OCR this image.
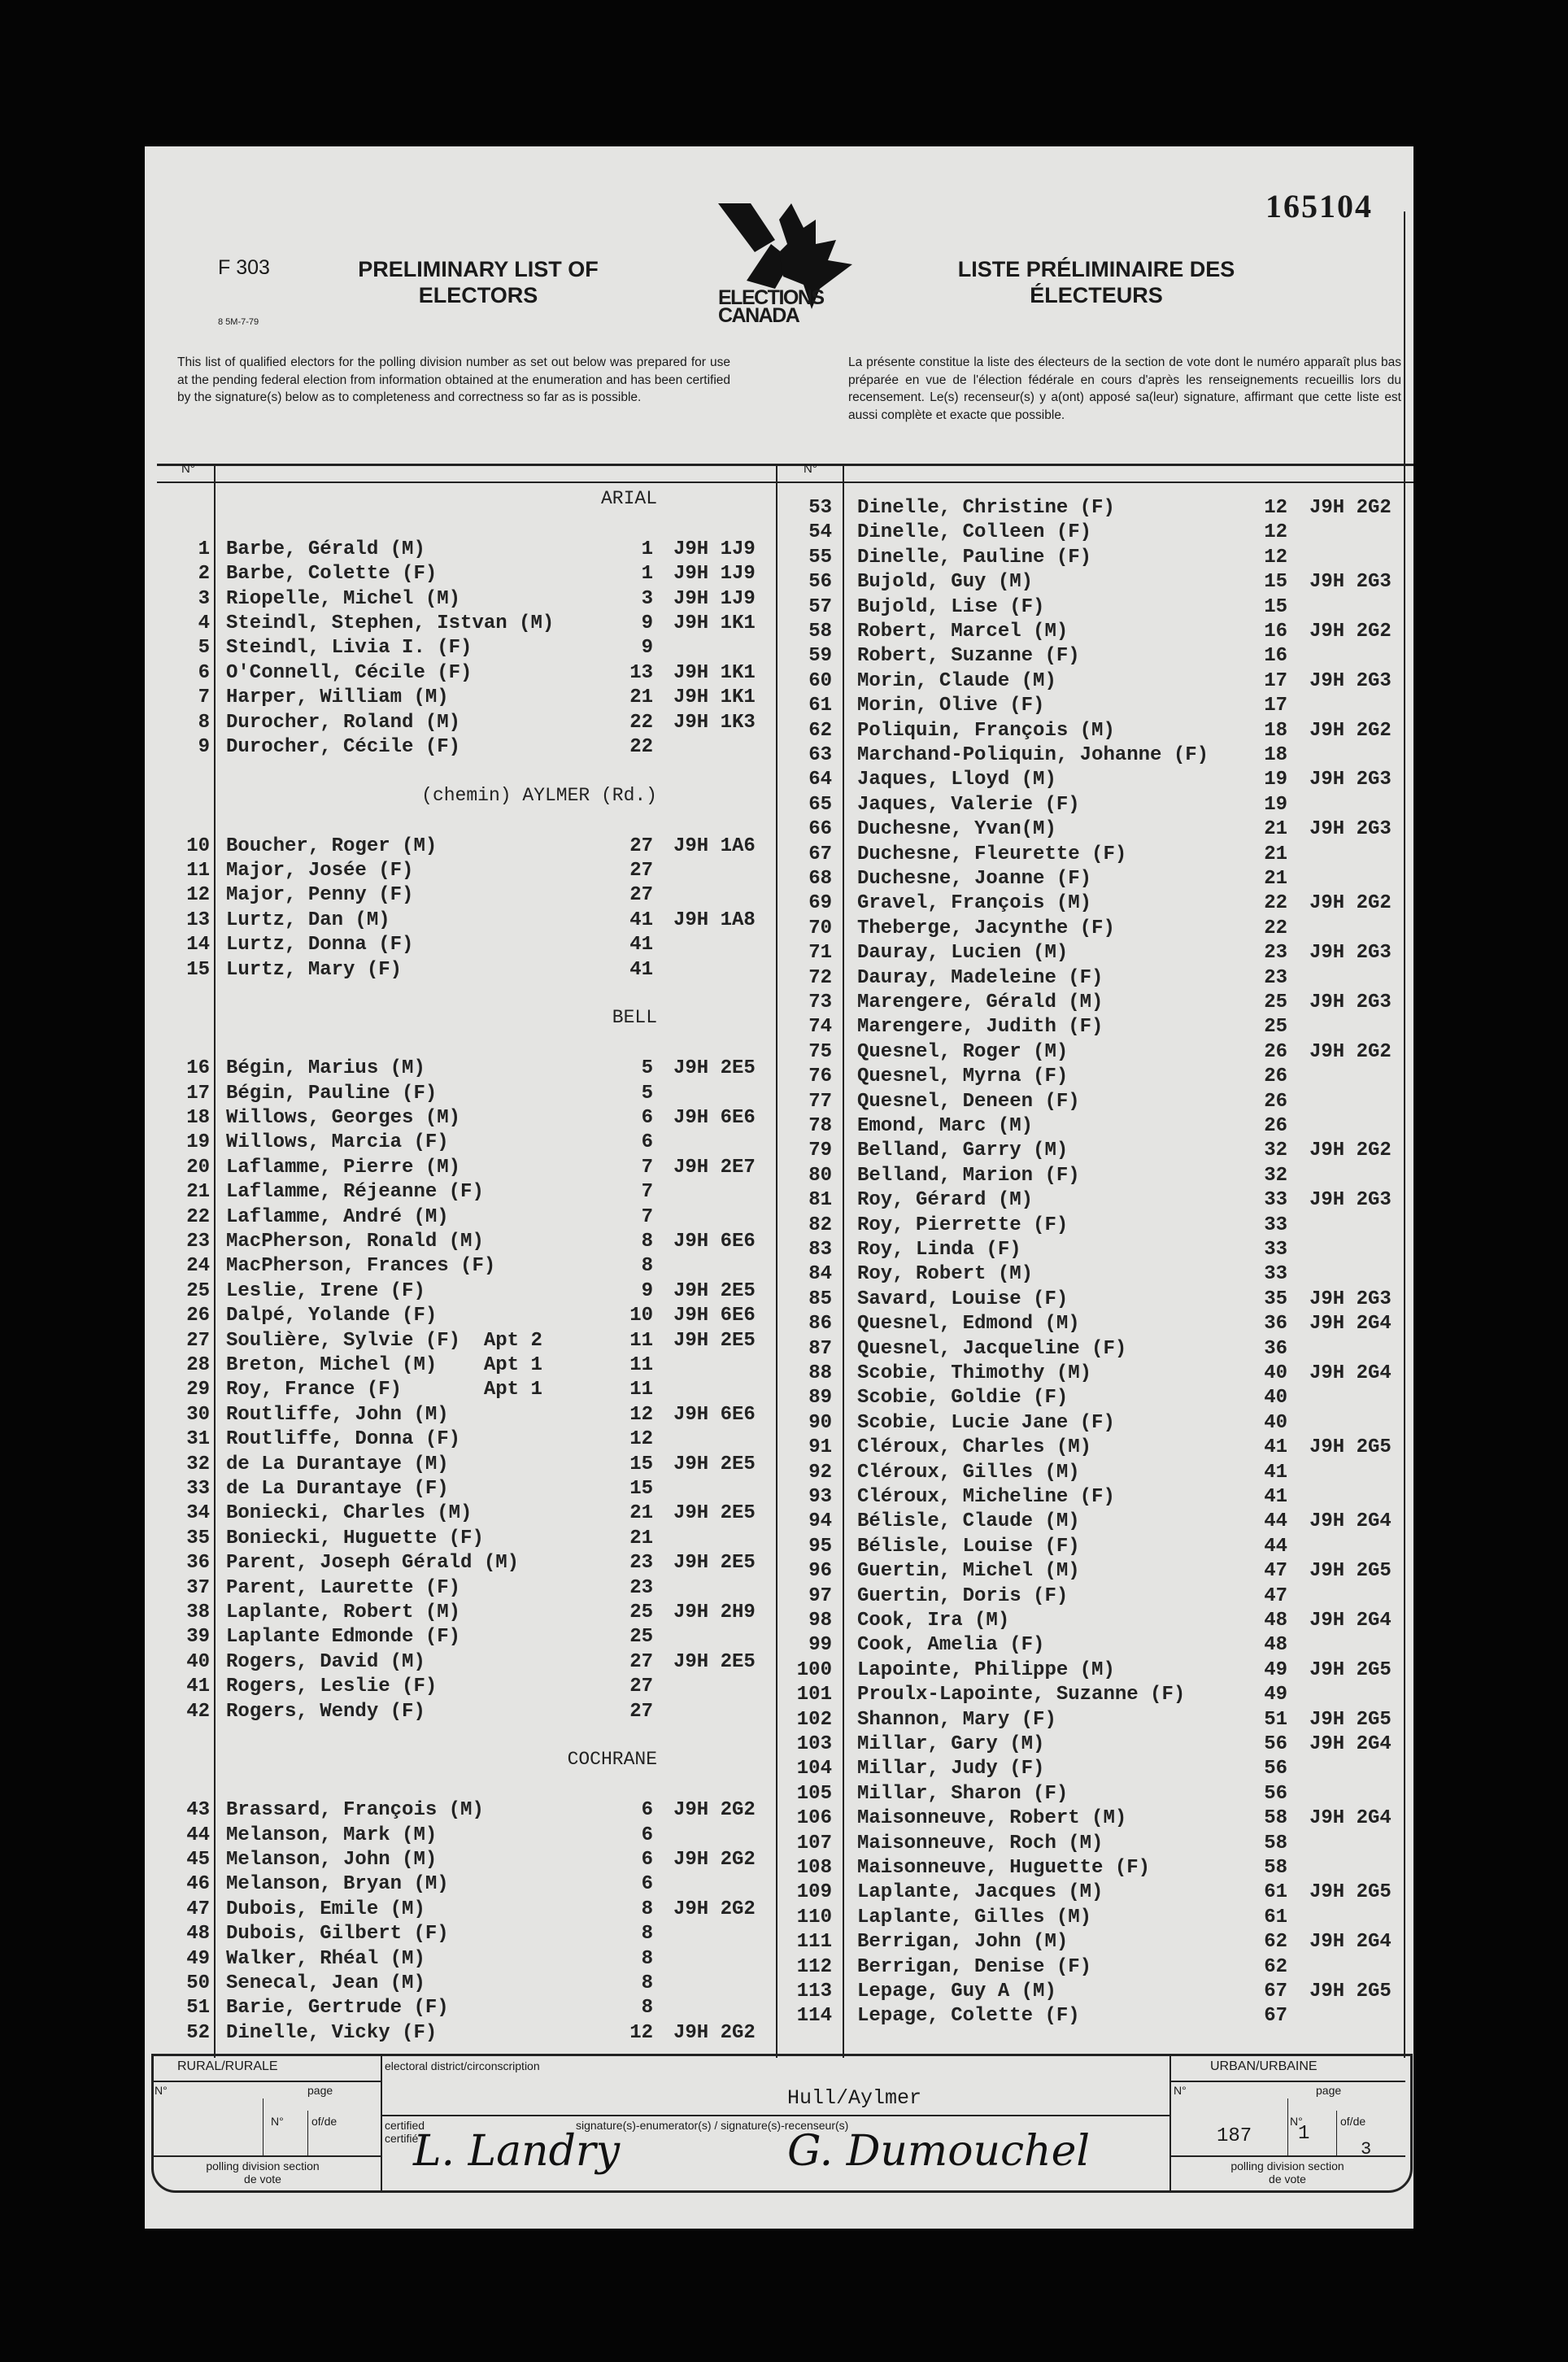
165104
F 303
8 5M-7-79
PRELIMINARY LIST OF
ELECTORS
LISTE PRÉLIMINAIRE DES
ÉLECTEURS
ELECTIONS
CANADA
This list of qualified electors for the polling division number as set out below was prepared for use at the pending federal election from information obtained at the enumeration and has been certified by the signature(s) below as to completeness and correctness so far as is possible.
La présente constitue la liste des électeurs de la section de vote dont le numéro apparaît plus bas préparée en vue de l'élection fédérale en cours d'après les renseignements recueillis lors du recensement. Le(s) recenseur(s) y a(ont) apposé sa(leur) signature, affirmant que cette liste est aussi complète et exacte que possible.
N°	N°
ARIAL
1 Barbe, Gérald (M)	1 J9H 1J9
2 Barbe, Colette (F)	1 J9H 1J9
3 Riopelle, Michel (M)	3 J9H 1J9
4 Steindl, Stephen, Istvan (M)	9 J9H 1K1
5 Steindl, Livia I. (F)	9
6 O'Connell, Cécile (F)	13 J9H 1K1
7 Harper, William (M)	21 J9H 1K1
8 Durocher, Roland (M)	22 J9H 1K3
9 Durocher, Cécile (F)	22
(chemin) AYLMER (Rd.)
10 Boucher, Roger (M)	27 J9H 1A6
11 Major, Josée (F)	27
12 Major, Penny (F)	27
13 Lurtz, Dan (M)	41 J9H 1A8
14 Lurtz, Donna (F)	41
15 Lurtz, Mary (F)	41
BELL
16 Bégin, Marius (M)	5 J9H 2E5
17 Bégin, Pauline (F)	5
18 Willows, Georges (M)	6 J9H 6E6
19 Willows, Marcia (F)	6
20 Laflamme, Pierre (M)	7 J9H 2E7
21 Laflamme, Réjeanne (F)	7
22 Laflamme, André (M)	7
23 MacPherson, Ronald (M)	8 J9H 6E6
24 MacPherson, Frances (F)	8
25 Leslie, Irene (F)	9 J9H 2E5
26 Dalpé, Yolande (F)	10 J9H 6E6
27 Soulière, Sylvie (F)  Apt 2	11 J9H 2E5
28 Breton, Michel (M)    Apt 1	11
29 Roy, France (F)       Apt 1	11
30 Routliffe, John (M)	12 J9H 6E6
31 Routliffe, Donna (F)	12
32 de La Durantaye (M)	15 J9H 2E5
33 de La Durantaye (F)	15
34 Boniecki, Charles (M)	21 J9H 2E5
35 Boniecki, Huguette (F)	21
36 Parent, Joseph Gérald (M)	23 J9H 2E5
37 Parent, Laurette (F)	23
38 Laplante, Robert (M)	25 J9H 2H9
39 Laplante Edmonde (F)	25
40 Rogers, David (M)	27 J9H 2E5
41 Rogers, Leslie (F)	27
42 Rogers, Wendy (F)	27
COCHRANE
43 Brassard, François (M)	6 J9H 2G2
44 Melanson, Mark (M)	6
45 Melanson, John (M)	6 J9H 2G2
46 Melanson, Bryan (M)	6
47 Dubois, Emile (M)	8 J9H 2G2
48 Dubois, Gilbert (F)	8
49 Walker, Rhéal (M)	8
50 Senecal, Jean (M)	8
51 Barie, Gertrude (F)	8
52 Dinelle, Vicky (F)	12 J9H 2G2
53 Dinelle, Christine (F)	12 J9H 2G2
54 Dinelle, Colleen (F)	12
55 Dinelle, Pauline (F)	12
56 Bujold, Guy (M)	15 J9H 2G3
57 Bujold, Lise (F)	15
58 Robert, Marcel (M)	16 J9H 2G2
59 Robert, Suzanne (F)	16
60 Morin, Claude (M)	17 J9H 2G3
61 Morin, Olive (F)	17
62 Poliquin, François (M)	18 J9H 2G2
63 Marchand-Poliquin, Johanne (F)	18
64 Jaques, Lloyd (M)	19 J9H 2G3
65 Jaques, Valerie (F)	19
66 Duchesne, Yvan(M)	21 J9H 2G3
67 Duchesne, Fleurette (F)	21
68 Duchesne, Joanne (F)	21
69 Gravel, François (M)	22 J9H 2G2
70 Theberge, Jacynthe (F)	22
71 Dauray, Lucien (M)	23 J9H 2G3
72 Dauray, Madeleine (F)	23
73 Marengere, Gérald (M)	25 J9H 2G3
74 Marengere, Judith (F)	25
75 Quesnel, Roger (M)	26 J9H 2G2
76 Quesnel, Myrna (F)	26
77 Quesnel, Deneen (F)	26
78 Emond, Marc (M)	26
79 Belland, Garry (M)	32 J9H 2G2
80 Belland, Marion (F)	32
81 Roy, Gérard (M)	33 J9H 2G3
82 Roy, Pierrette (F)	33
83 Roy, Linda (F)	33
84 Roy, Robert (M)	33
85 Savard, Louise (F)	35 J9H 2G3
86 Quesnel, Edmond (M)	36 J9H 2G4
87 Quesnel, Jacqueline (F)	36
88 Scobie, Thimothy (M)	40 J9H 2G4
89 Scobie, Goldie (F)	40
90 Scobie, Lucie Jane (F)	40
91 Cléroux, Charles (M)	41 J9H 2G5
92 Cléroux, Gilles (M)	41
93 Cléroux, Micheline (F)	41
94 Bélisle, Claude (M)	44 J9H 2G4
95 Bélisle, Louise (F)	44
96 Guertin, Michel (M)	47 J9H 2G5
97 Guertin, Doris (F)	47
98 Cook, Ira (M)	48 J9H 2G4
99 Cook, Amelia (F)	48
100 Lapointe, Philippe (M)	49 J9H 2G5
101 Proulx-Lapointe, Suzanne (F)	49
102 Shannon, Mary (F)	51 J9H 2G5
103 Millar, Gary (M)	56 J9H 2G4
104 Millar, Judy (F)	56
105 Millar, Sharon (F)	56
106 Maisonneuve, Robert (M)	58 J9H 2G4
107 Maisonneuve, Roch (M)	58
108 Maisonneuve, Huguette (F)	58
109 Laplante, Jacques (M)	61 J9H 2G5
110 Laplante, Gilles (M)	61
111 Berrigan, John (M)	62 J9H 2G4
112 Berrigan, Denise (F)	62
113 Lepage, Guy A (M)	67 J9H 2G5
114 Lepage, Colette (F)	67
RURAL/RURALE	URBAN/URBAINE
electoral district/circonscription
Hull/Aylmer
N°	N°
page	page
N° of/de	N°	of/de
certified certifié
signature(s)-enumerator(s) / signature(s)-recenseur(s)	187 1
3
polling division section de vote
polling division section de vote
L. Landry	G. Dumouchel
